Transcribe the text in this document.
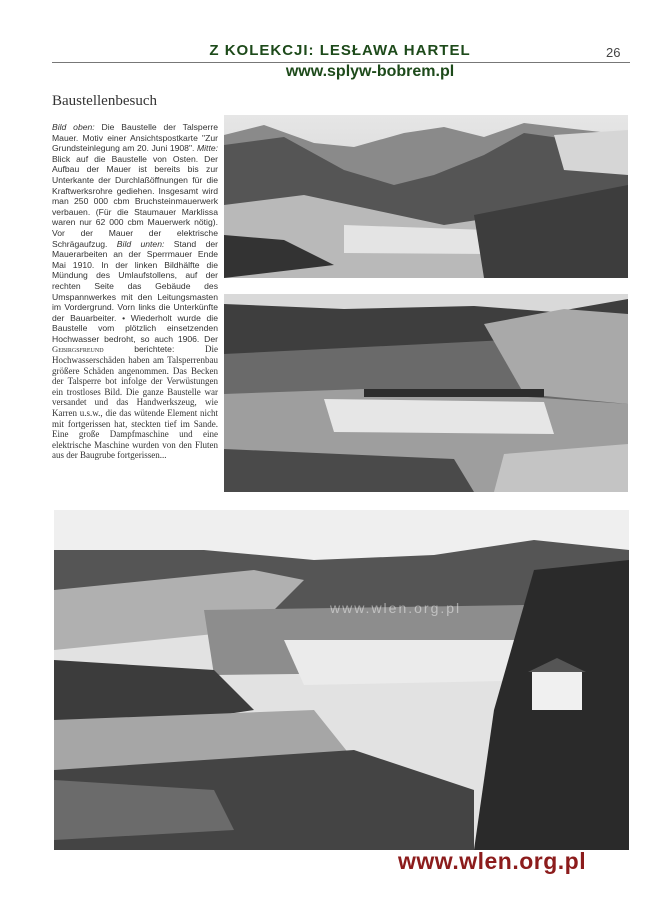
Z KOLEKCJI: LESŁAWA HARTEL
www.splyw-bobrem.pl
26
Baustellenbesuch
Bild oben: Die Baustelle der Talsperre Mauer. Motiv einer Ansichtspostkarte "Zur Grundsteinlegung am 20. Juni 1908". Mitte: Blick auf die Baustelle von Osten. Der Aufbau der Mauer ist bereits bis zur Unterkante der Durchlaßöffnungen für die Kraftwerksrohre gediehen. Insgesamt wird man 250 000 cbm Bruchsteinmauerwerk verbauen. (Für die Staumauer Marklissa waren nur 62 000 cbm Mauerwerk nötig). Vor der Mauer der elektrische Schrägaufzug. Bild unten: Stand der Mauerarbeiten an der Sperrmauer Ende Mai 1910. In der linken Bildhälfte die Mündung des Umlaufstollens, auf der rechten Seite das Gebäude des Umspannwerkes mit den Leitungsmasten im Vordergrund. Vorn links die Unterkünfte der Bauarbeiter. • Wiederholt wurde die Baustelle vom plötzlich einsetzenden Hochwasser bedroht, so auch 1906. Der Gebirgsfreund berichtete: Die Hochwasserschäden haben am Talsperrenbau größere Schäden angenommen. Das Becken der Talsperre bot infolge der Verwüstungen ein trostloses Bild. Die ganze Baustelle war versandet und das Handwerkszeug, wie Karren u.s.w., die das wütende Element nicht mit fortgerissen hat, steckten tief im Sande. Eine große Dampfmaschine und eine elektrische Maschine wurden von den Fluten aus der Baugrube fortgerissen...
www.wlen.org.pl
www.wlen.org.pl
